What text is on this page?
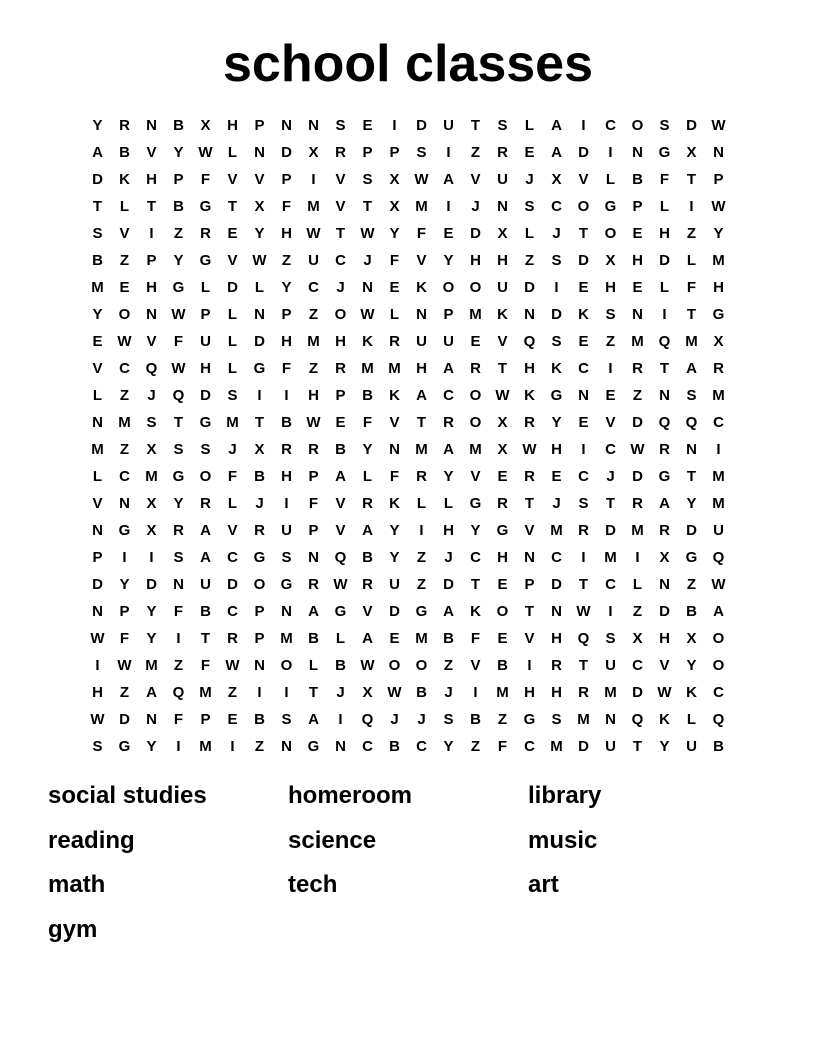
school classes
Y	R	N	B	X	H	P	N	N	S	E	I	D	U	T	S	L	A	I	C	O	S	D W
A	B	V	Y W	L	N	D	X	R	P	P	S	I	Z	R	E	A	D	I	N	G	X	N
D	K	H	P	F	V	V	P	I	V	S	X W A	V	U	J	X	V	L	B	F	T	P
T	L	T	B	G	T	X	F	M	V	T	X	M	I	J	N	S	C	O	G	P	L	I	W
S	V	I	Z	R	E	Y	H W	T	W Y	F	E	D	X	L	J	T	O	E	H	Z	Y
B	Z	P	Y	G	V W	Z	U	C	J	F	V	Y	H	H	Z	S	D	X	H	D	L	M
M	E	H	G	L	D	L	Y	C	J	N	E	K	O	O	U	D	I	E	H	E	L	F	H
Y	O	N W P	L	N	P	Z	O W	L	N	P	M	K	N	D	K	S	N	I	T	G
E W V	F	U	L	D	H	M	H	K	R	U	U	E	V	Q	S	E	Z	M Q M	X
V	C	Q W H	L	G	F	Z	R	M M	H	A	R	T	H	K	C	I	R	T	A	R
L	Z	J	Q	D	S	I	I	H	P	B	K	A	C	O W K	G	N	E	Z	N	S	M
N	M	S	T	G M	T	B W E	F	V	T	R	O	X	R	Y	E	V	D	Q	Q	C
M	Z	X	S	S	J	X	R	R	B	Y	N	M	A	M	X W H	I	C W R	N	I
L	C	M G	O	F	B	H	P	A	L	F	R	Y	V	E	R	E	C	J	D	G	T	M
V	N	X	Y	R	L	J	I	F	V	R	K	L	L	G	R	T	J	S	T	R	A	Y	M
N	G	X	R	A	V	R	U	P	V	A	Y	I	H	Y	G	V	M	R	D	M	R	D	U
P	I	I	S	A	C	G	S	N	Q	B	Y	Z	J	C	H	N	C	I	M	I	X	G	Q
D	Y	D	N	U	D	O	G	R W R	U	Z	D	T	E	P	D	T	C	L	N	Z	W
N	P	Y	F	B	C	P	N	A	G	V	D	G	A	K	O	T	N W	I	Z	D	B	A
W	F	Y	I	T	R	P	M	B	L	A	E	M	B	F	E	V	H	Q	S	X	H	X	O
I	W M	Z	F	W N	O	L	B W O	O	Z	V	B	I	R	T	U	C	V	Y	O
H	Z	A	Q M	Z	I	I	T	J	X W B	J	I	M	H	H	R	M	D W K	C
W D	N	F	P	E	B	S	A	I	Q	J	J	S	B	Z	G	S	M	N	Q	K	L	Q
S	G	Y	I	M	I	Z	N	G	N	C	B	C	Y	Z	F	C	M	D	U	T	Y	U	B
social studies	homeroom	library
reading	science	music
math	tech	art
gym
